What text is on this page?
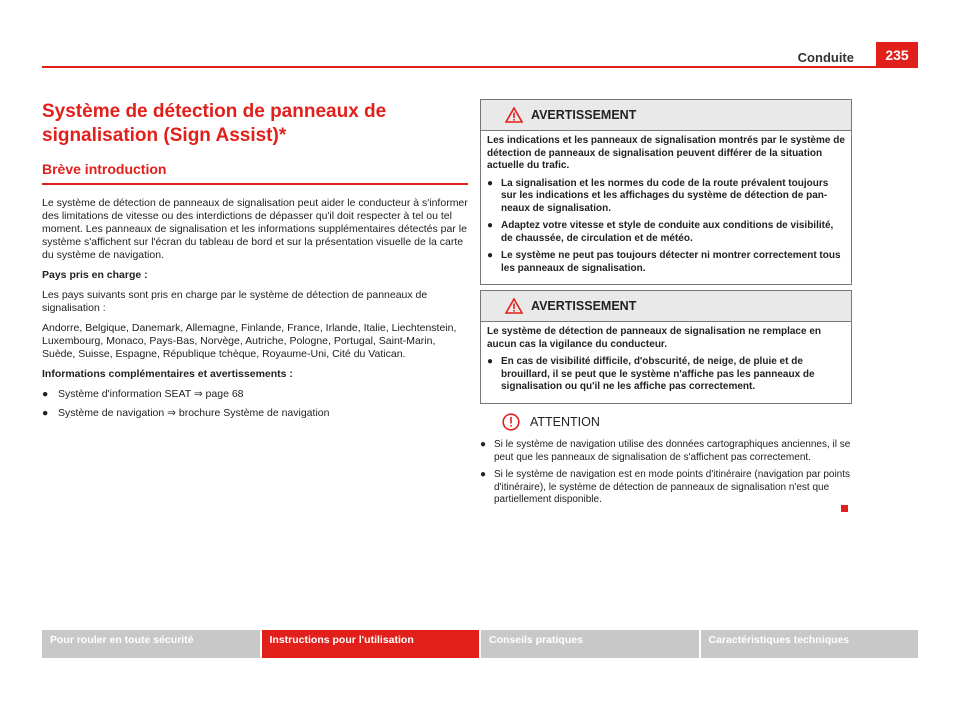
Conduite	235
Système de détection de panneaux de signalisation (Sign Assist)*
Brève introduction

Le système de détection de panneaux de signalisation peut aider le conducteur à s'informer des limitations de vitesse ou des interdictions de dépasser qu'il doit respecter à tel ou tel moment. Les panneaux de signalisation et les informations supplémentaires détectés par le système s'affichent sur l'écran du tableau de bord et sur la présentation visuelle de la carte du système de navigation.

Pays pris en charge :

Les pays suivants sont pris en charge par le système de détection de panneaux de signalisation :

Andorre, Belgique, Danemark, Allemagne, Finlande, France, Irlande, Italie, Liechtenstein, Luxembourg, Monaco, Pays-Bas, Norvège, Autriche, Pologne, Portugal, Saint-Marin, Suède, Suisse, Espagne, République tchèque, Royaume-Uni, Cité du Vatican.

Informations complémentaires et avertissements :

● Système d'information SEAT ⇒ page 68
● Système de navigation ⇒ brochure Système de navigation
AVERTISSEMENT

Les indications et les panneaux de signalisation montrés par le système de détection de panneaux de signalisation peuvent différer de la situation actuelle du trafic.

● La signalisation et les normes du code de la route prévalent toujours sur les indications et les affichages du système de détection de panneaux de signalisation.
● Adaptez votre vitesse et style de conduite aux conditions de visibilité, de chaussée, de circulation et de météo.
● Le système ne peut pas toujours détecter ni montrer correctement tous les panneaux de signalisation.
AVERTISSEMENT

Le système de détection de panneaux de signalisation ne remplace en aucun cas la vigilance du conducteur.

● En cas de visibilité difficile, d'obscurité, de neige, de pluie et de brouillard, il se peut que le système n'affiche pas les panneaux de signalisation ou qu'il ne les affiche pas correctement.
ATTENTION
● Si le système de navigation utilise des données cartographiques anciennes, il se peut que les panneaux de signalisation de s'affichent pas correctement.
● Si le système de navigation est en mode points d'itinéraire (navigation par points d'itinéraire), le système de détection de panneaux de signalisation n'est que partiellement disponible.
Pour rouler en toute sécurité	Instructions pour l'utilisation	Conseils pratiques	Caractéristiques techniques
